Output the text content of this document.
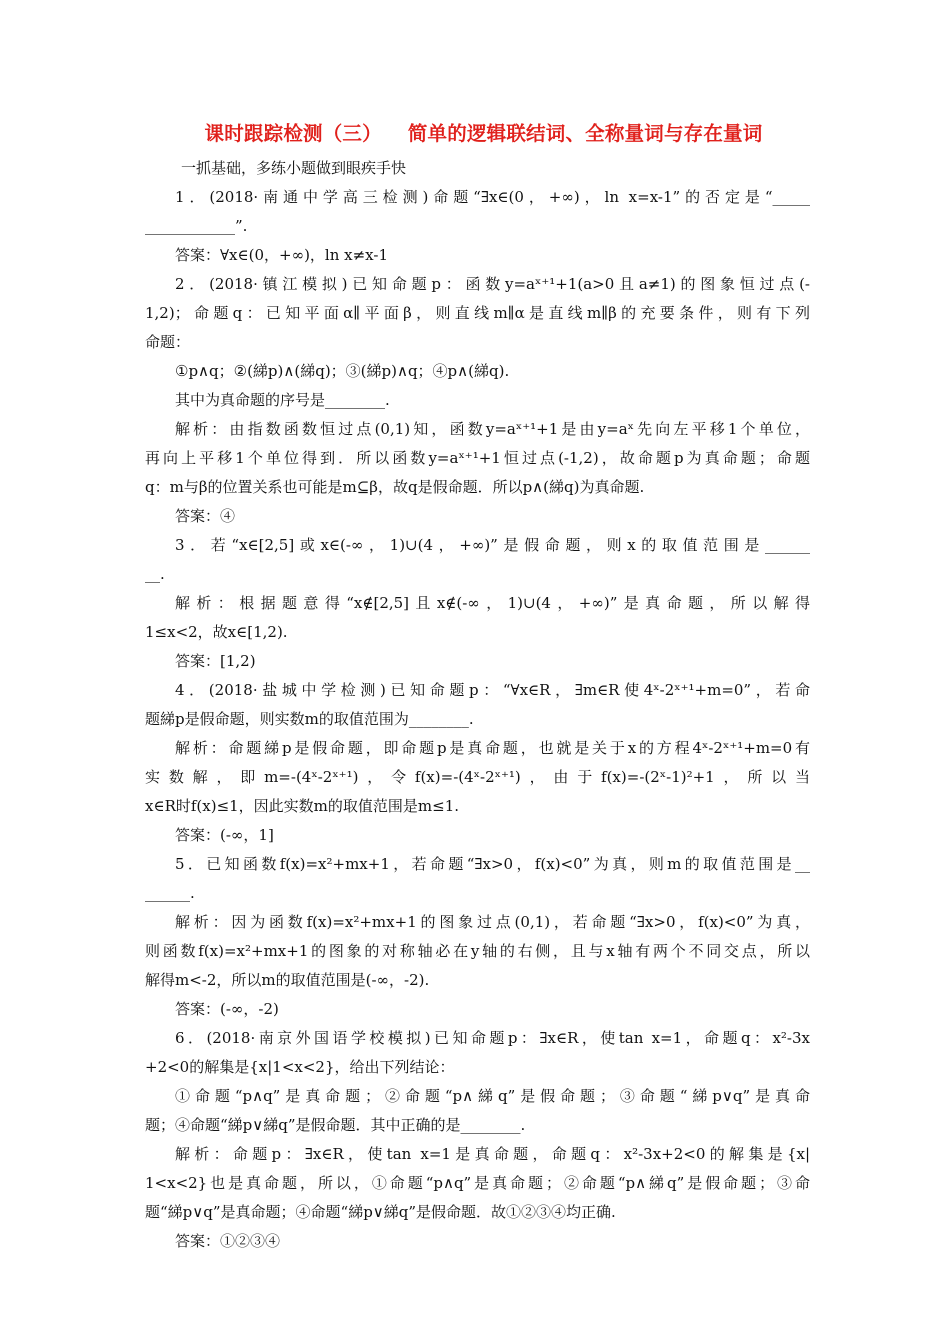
课时跟踪检测（三） 简单的逻辑联结词、全称量词与存在量词
一抓基础，多练小题做到眼疾手快
1．(2018·南通中学高三检测)命题“∃x∈(0，+∞)，ln x=x-1”的否定是“_____
____________”.
答案：∀x∈(0，+∞)，ln x≠x-1
2．(2018·镇江模拟)已知命题p：函数y=aˣ⁺¹+1(a>0且a≠1)的图象恒过点(-
1,2)；命题q：已知平面α∥平面β，则直线m∥α是直线m∥β的充要条件，则有下列
命题：
①p∧q；②(綈p)∧(綈q)；③(綈p)∧q；④p∧(綈q).
其中为真命题的序号是________.
解析：由指数函数恒过点(0,1)知，函数y=aˣ⁺¹+1是由y=aˣ先向左平移1个单位，
再向上平移1个单位得到．所以函数y=aˣ⁺¹+1恒过点(-1,2)，故命题p为真命题；命题
q：m与β的位置关系也可能是m⊆β，故q是假命题．所以p∧(綈q)为真命题.
答案：④
3．若“x∈[2,5]或x∈(-∞，1)∪(4，+∞)”是假命题，则x的取值范围是______
__.
解析：根据题意得“x∉[2,5]且x∉(-∞，1)∪(4，+∞)”是真命题，所以解得
1≤x<2，故x∈[1,2).
答案：[1,2)
4．(2018·盐城中学检测)已知命题p：“∀x∈R，∃m∈R使4ˣ-2ˣ⁺¹+m=0”，若命
题綈p是假命题，则实数m的取值范围为________.
解析：命题綈p是假命题，即命题p是真命题，也就是关于x的方程4ˣ-2ˣ⁺¹+m=0有
实数解，即m=-(4ˣ-2ˣ⁺¹)，令f(x)=-(4ˣ-2ˣ⁺¹)，由于f(x)=-(2ˣ-1)²+1，所以当
x∈R时f(x)≤1，因此实数m的取值范围是m≤1.
答案：(-∞，1]
5．已知函数f(x)=x²+mx+1，若命题“∃x>0，f(x)<0”为真，则m的取值范围是__
______.
解析：因为函数f(x)=x²+mx+1的图象过点(0,1)，若命题“∃x>0，f(x)<0”为真，
则函数f(x)=x²+mx+1的图象的对称轴必在y轴的右侧，且与x轴有两个不同交点，所以
解得m<-2，所以m的取值范围是(-∞，-2).
答案：(-∞，-2)
6．(2018·南京外国语学校模拟)已知命题p：∃x∈R，使tan x=1，命题q：x²-3x
+2<0的解集是{x|1<x<2}，给出下列结论：
①命题“p∧q”是真命题；②命题“p∧綈q”是假命题；③命题“綈p∨q”是真命
题；④命题“綈p∨綈q”是假命题．其中正确的是________.
解析：命题p：∃x∈R，使tan x=1是真命题，命题q：x²-3x+2<0的解集是{x|
1<x<2}也是真命题，所以，①命题“p∧q”是真命题；②命题“p∧綈q”是假命题；③命
题“綈p∨q”是真命题；④命题“綈p∨綈q”是假命题．故①②③④均正确.
答案：①②③④
